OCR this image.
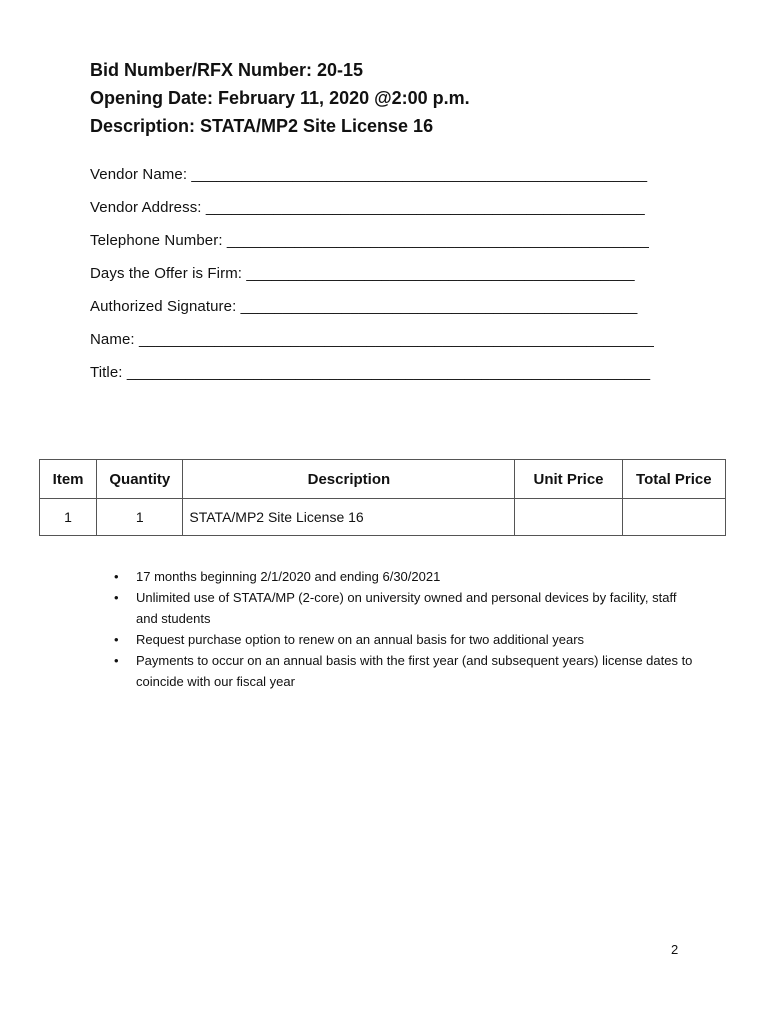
Bid Number/RFX Number: 20-15
Opening Date: February 11, 2020 @2:00 p.m.
Description: STATA/MP2 Site License 16
Vendor Name: ______________________________________________________
Vendor Address: ____________________________________________________
Telephone Number: __________________________________________________
Days the Offer is Firm: ______________________________________________
Authorized Signature: _______________________________________________
Name: _____________________________________________________________
Title: ______________________________________________________________
Item	Quantity	Description	Unit Price	Total Price
1	1	STATA/MP2 Site License 16		
• 17 months beginning 2/1/2020 and ending 6/30/2021
• Unlimited use of STATA/MP (2-core) on university owned and personal devices by facility, staff and students
• Request purchase option to renew on an annual basis for two additional years
• Payments to occur on an annual basis with the first year (and subsequent years) license dates to coincide with our fiscal year
2
